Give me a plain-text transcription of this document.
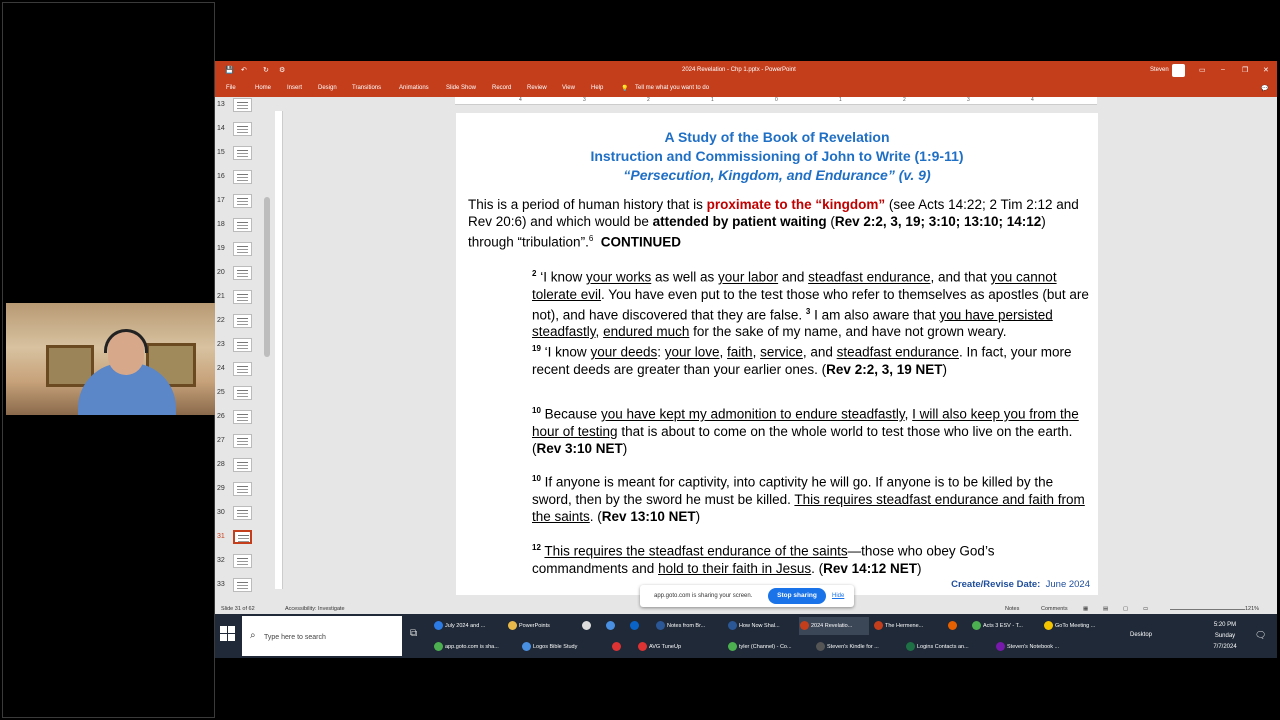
💾 ↶ ↻ ⚙	2024 Revelation - Chp 1.pptx - PowerPoint	Steven	▭ – ❐ ✕
File	Home	Insert	Design	Transitions	Animations	Slide Show	Record	Review	View	Help	💡 Tell me what you want to do	💬
13
14
15
16
17
18
19
20
21
22
23
24
25
26
27
28
29
30
31
32
33
4	3	2	1	0	1	2	3	4
A Study of the Book of Revelation
Instruction and Commissioning of John to Write (1:9-11)
“Persecution, Kingdom, and Endurance” (v. 9)
This is a period of human history that is proximate to the “kingdom” (see Acts 14:22; 2 Tim 2:12 and Rev 20:6) and which would be attended by patient waiting (Rev 2:2, 3, 19; 3:10; 13:10; 14:12) through “tribulation”.$^6$ CONTINUED
$^2$ ‘I know your works as well as your labor and steadfast endurance, and that you cannot tolerate evil. You have even put to the test those who refer to themselves as apostles (but are not), and have discovered that they are false. $^3$ I am also aware that you have persisted steadfastly, endured much for the sake of my name, and have not grown weary.
$^{19}$ ‘I know your deeds: your love, faith, service, and steadfast endurance. In fact, your more recent deeds are greater than your earlier ones. (Rev 2:2, 3, 19 NET)
$^{10}$ Because you have kept my admonition to endure steadfastly, I will also keep you from the hour of testing that is about to come on the whole world to test those who live on the earth. (Rev 3:10 NET)
$^{10}$ If anyone is meant for captivity, into captivity he will go. If anyone is to be killed by the sword, then by the sword he must be killed. This requires steadfast endurance and faith from the saints. (Rev 13:10 NET)
$^{12}$ This requires the steadfast endurance of the saints—those who obey God’s commandments and hold to their faith in Jesus. (Rev 14:12 NET)
Create/Revise Date: June 2024
Slide 31 of 62	Accessibility: Investigate	Notes	Comments	▦	▤	▢	▭	121%
app.goto.com is sharing your screen.	Stop sharing	Hide
⌕ Type here to search	⧉
July 2024 and ...	PowerPoints	Notes from Br...	How Now Shal...	2024 Revelatio...	The Hermene...	Acts 3 ESV - T...	GoTo Meeting ...
app.goto.com is sha...	Logos Bible Study	AVG TuneUp	tyler (Channel) - Co...	Steven's Kindle for ...	Logins Contacts an...	Steven's Notebook ...
Desktop
5:20 PM
Sunday
7/7/2024
🗨
